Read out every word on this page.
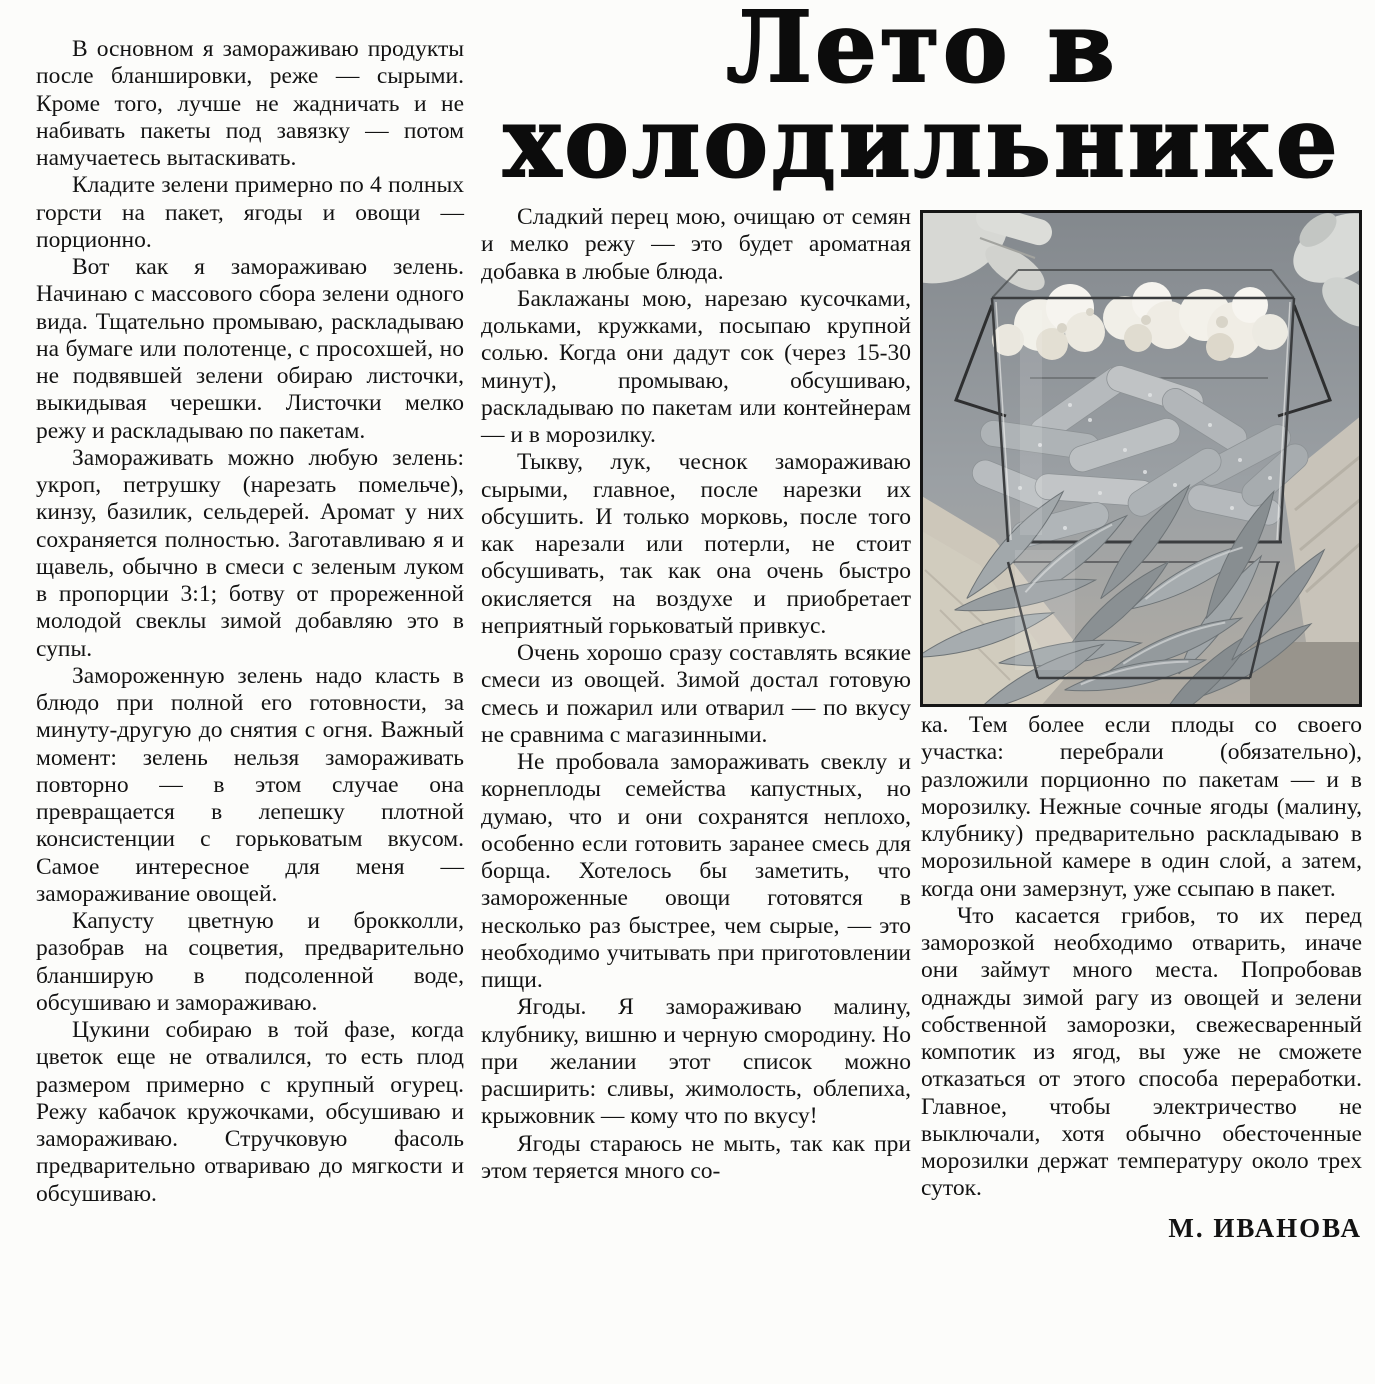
Лето в
холодильнике

В основном я замораживаю продукты после бланшировки, реже — сырыми. Кроме того, лучше не жадничать и не набивать пакеты под завязку — потом намучаетесь вытаскивать.

Кладите зелени примерно по 4 полных горсти на пакет, ягоды и овощи — порционно.

Вот как я замораживаю зелень. Начинаю с массового сбора зелени одного вида. Тщательно промываю, раскладываю на бумаге или полотенце, с просохшей, но не подвявшей зелени обираю листочки, выкидывая черешки. Листочки мелко режу и раскладываю по пакетам.

Замораживать можно любую зелень: укроп, петрушку (нарезать помельче), кинзу, базилик, сельдерей. Аромат у них сохраняется полностью. Заготавливаю я и щавель, обычно в смеси с зеленым луком в пропорции 3:1; ботву от прореженной молодой свеклы зимой добавляю это в супы.

Замороженную зелень надо класть в блюдо при полной его готовности, за минуту-другую до снятия с огня. Важный момент: зелень нельзя замораживать повторно — в этом случае она превращается в лепешку плотной консистенции с горьковатым вкусом. Самое интересное для меня — замораживание овощей.

Капусту цветную и брокколли, разобрав на соцветия, предварительно бланширую в подсоленной воде, обсушиваю и замораживаю.

Цукини собираю в той фазе, когда цветок еще не отвалился, то есть плод размером примерно с крупный огурец. Режу кабачок кружочками, обсушиваю и замораживаю. Стручковую фасоль предварительно отвариваю до мягкости и обсушиваю.

Сладкий перец мою, очищаю от семян и мелко режу — это будет ароматная добавка в любые блюда.

Баклажаны мою, нарезаю кусочками, дольками, кружками, посыпаю крупной солью. Когда они дадут сок (через 15-30 минут), промываю, обсушиваю, раскладываю по пакетам или контейнерам — и в морозилку.

Тыкву, лук, чеснок замораживаю сырыми, главное, после нарезки их обсушить. И только морковь, после того как нарезали или потерли, не стоит обсушивать, так как она очень быстро окисляется на воздухе и приобретает неприятный горьковатый привкус.

Очень хорошо сразу составлять всякие смеси из овощей. Зимой достал готовую смесь и пожарил или отварил — по вкусу не сравнима с магазинными.

Не пробовала замораживать свеклу и корнеплоды семейства капустных, но думаю, что и они сохранятся неплохо, особенно если готовить заранее смесь для борща. Хотелось бы заметить, что замороженные овощи готовятся в несколько раз быстрее, чем сырые, — это необходимо учитывать при приготовлении пищи.

Ягоды. Я замораживаю малину, клубнику, вишню и черную смородину. Но при желании этот список можно расширить: сливы, жимолость, облепиха, крыжовник — кому что по вкусу!

Ягоды стараюсь не мыть, так как при этом теряется много со-

ка. Тем более если плоды со своего участка: перебрали (обязательно), разложили порционно по пакетам — и в морозилку. Нежные сочные ягоды (малину, клубнику) предварительно раскладываю в морозильной камере в один слой, а затем, когда они замерзнут, уже ссыпаю в пакет.

Что касается грибов, то их перед заморозкой необходимо отварить, иначе они займут много места. Попробовав однажды зимой рагу из овощей и зелени собственной заморозки, свежесваренный компотик из ягод, вы уже не сможете отказаться от этого способа переработки. Главное, чтобы электричество не выключали, хотя обычно обесточенные морозилки держат температуру около трех суток.

М. ИВАНОВА
